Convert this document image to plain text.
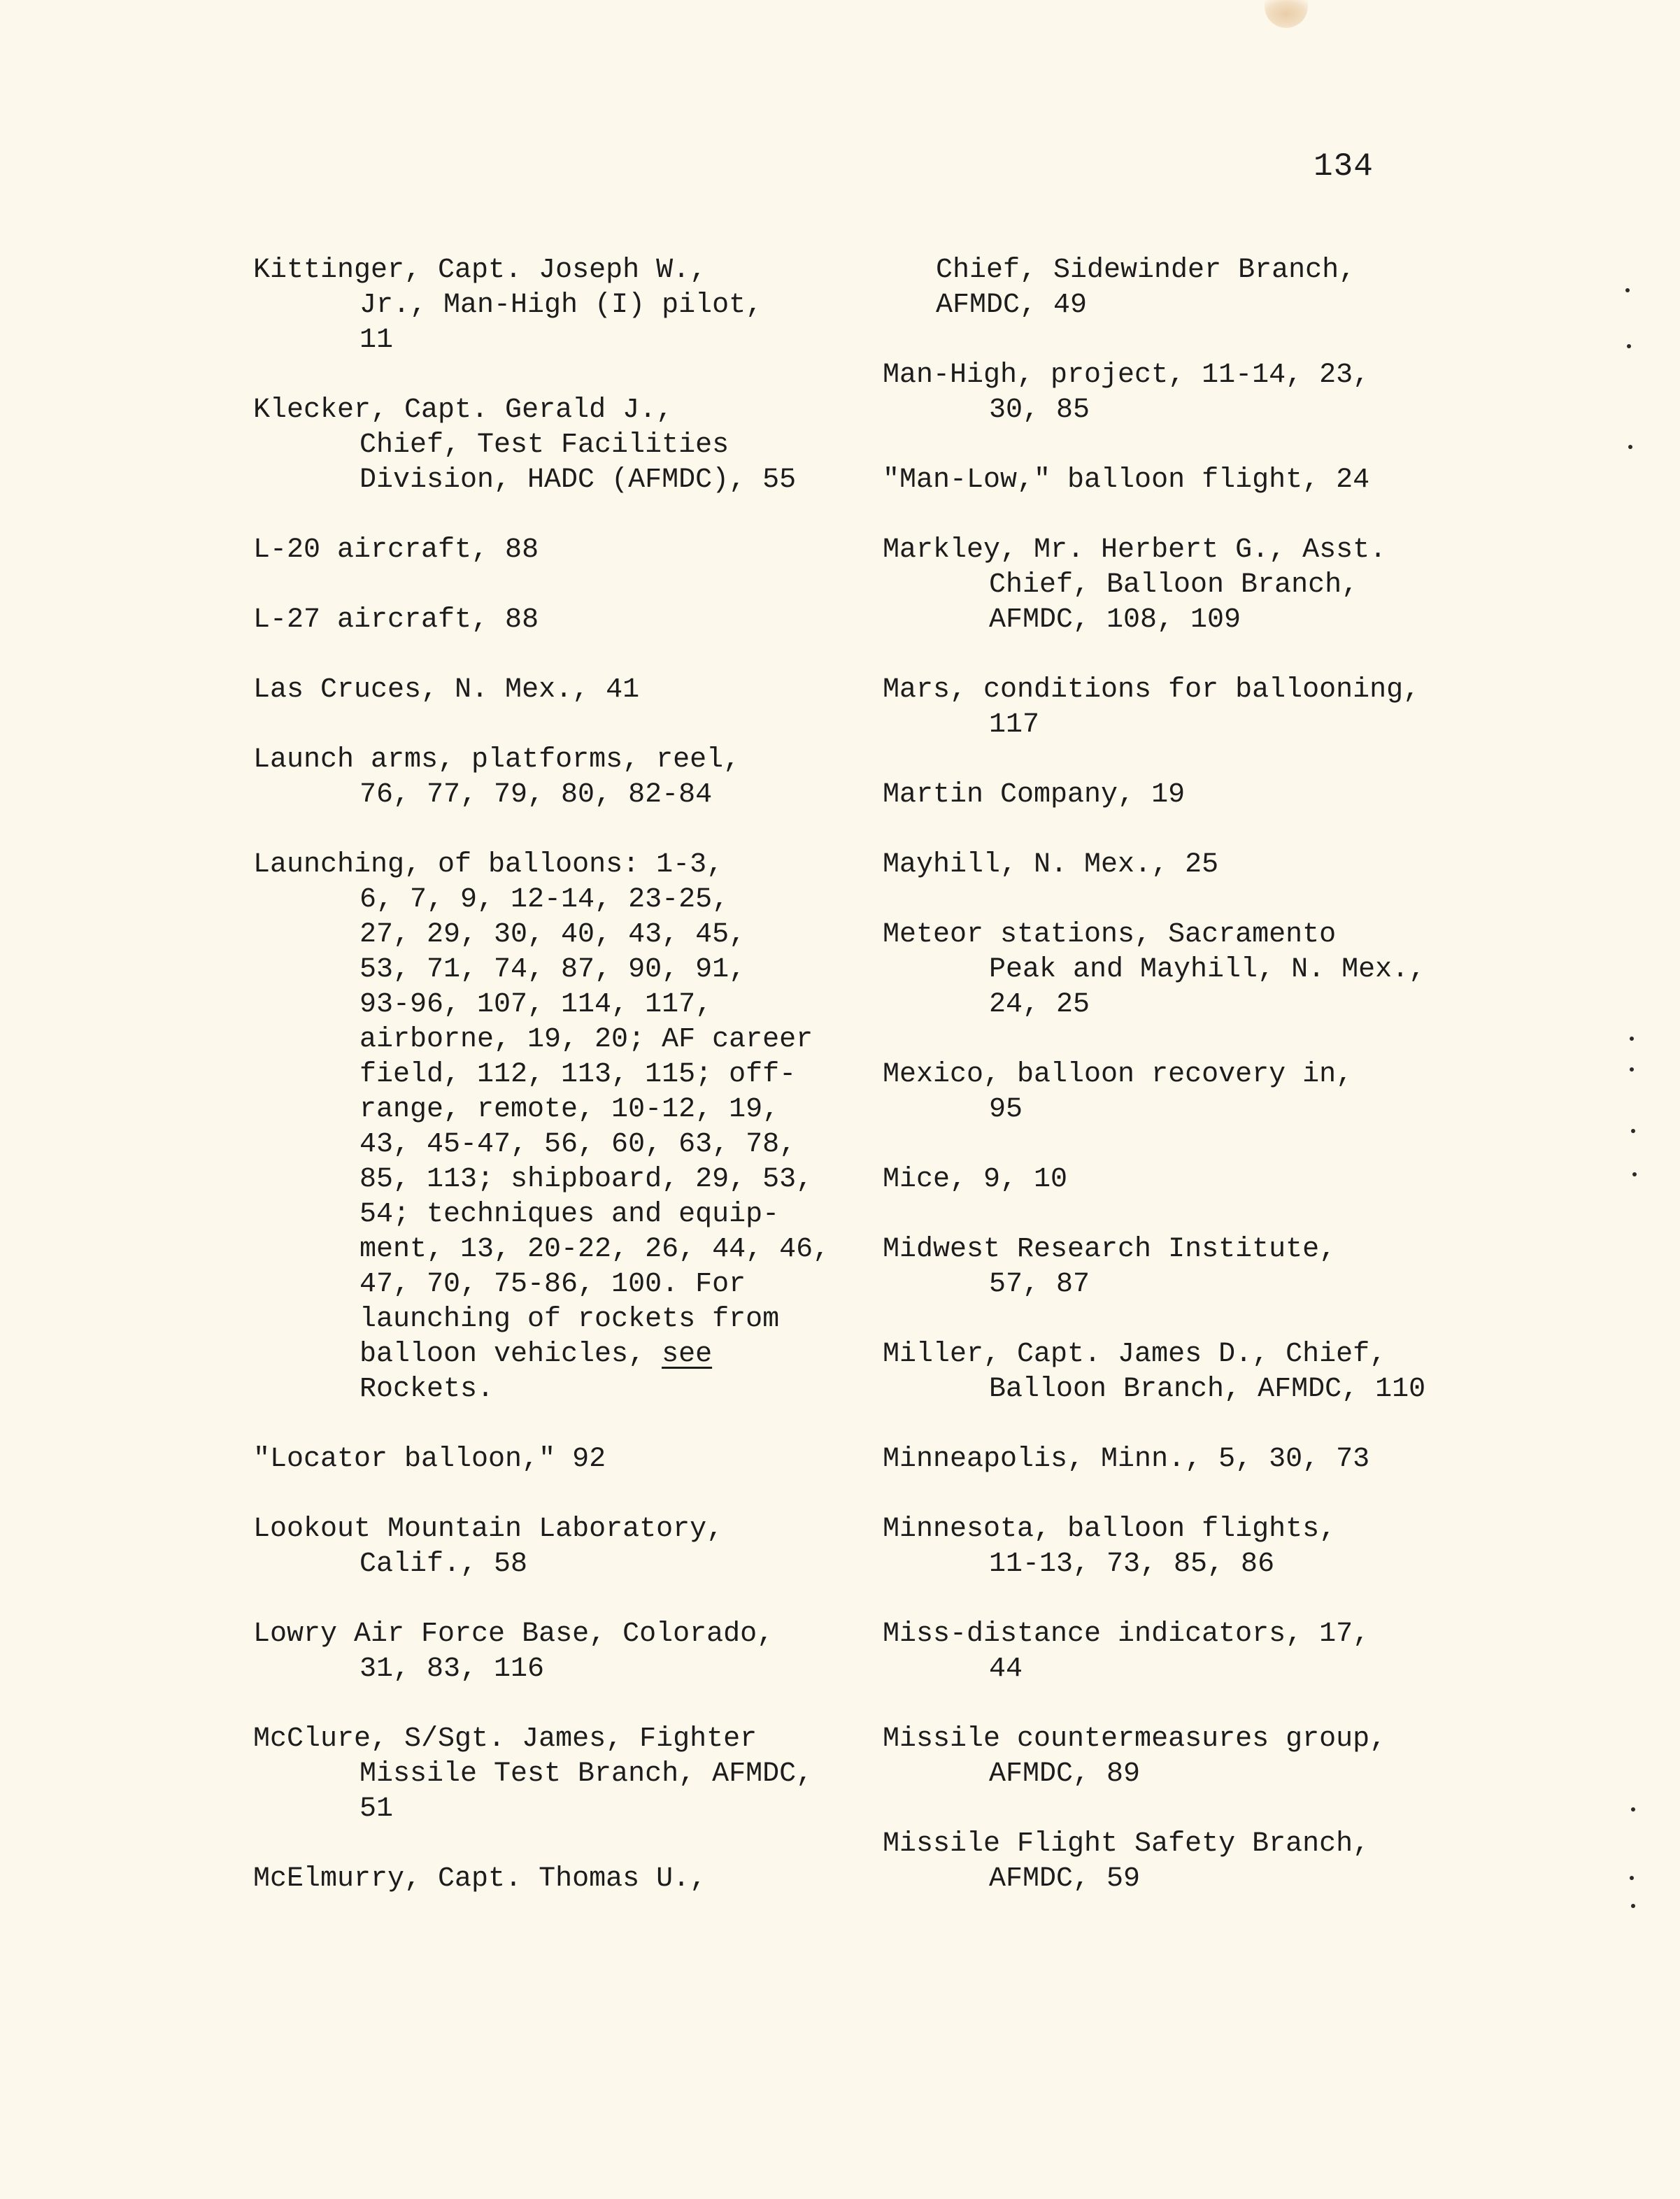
134
Kittinger, Capt. Joseph W.,
Jr., Man-High (I) pilot,
11
Klecker, Capt. Gerald J.,
Chief, Test Facilities
Division, HADC (AFMDC), 55
L-20 aircraft, 88
L-27 aircraft, 88
Las Cruces, N. Mex., 41
Launch arms, platforms, reel,
76, 77, 79, 80, 82-84
Launching, of balloons: 1-3,
6, 7, 9, 12-14, 23-25,
27, 29, 30, 40, 43, 45,
53, 71, 74, 87, 90, 91,
93-96, 107, 114, 117,
airborne, 19, 20; AF career
field, 112, 113, 115; off-
range, remote, 10-12, 19,
43, 45-47, 56, 60, 63, 78,
85, 113; shipboard, 29, 53,
54; techniques and equip-
ment, 13, 20-22, 26, 44, 46,
47, 70, 75-86, 100. For
launching of rockets from
balloon vehicles, see
Rockets.
"Locator balloon," 92
Lookout Mountain Laboratory,
Calif., 58
Lowry Air Force Base, Colorado,
31, 83, 116
McClure, S/Sgt. James, Fighter
Missile Test Branch, AFMDC,
51
McElmurry, Capt. Thomas U.,
Chief, Sidewinder Branch,
AFMDC, 49
Man-High, project, 11-14, 23,
30, 85
"Man-Low," balloon flight, 24
Markley, Mr. Herbert G., Asst.
Chief, Balloon Branch,
AFMDC, 108, 109
Mars, conditions for ballooning,
117
Martin Company, 19
Mayhill, N. Mex., 25
Meteor stations, Sacramento
Peak and Mayhill, N. Mex.,
24, 25
Mexico, balloon recovery in,
95
Mice, 9, 10
Midwest Research Institute,
57, 87
Miller, Capt. James D., Chief,
Balloon Branch, AFMDC, 110
Minneapolis, Minn., 5, 30, 73
Minnesota, balloon flights,
11-13, 73, 85, 86
Miss-distance indicators, 17,
44
Missile countermeasures group,
AFMDC, 89
Missile Flight Safety Branch,
AFMDC, 59
